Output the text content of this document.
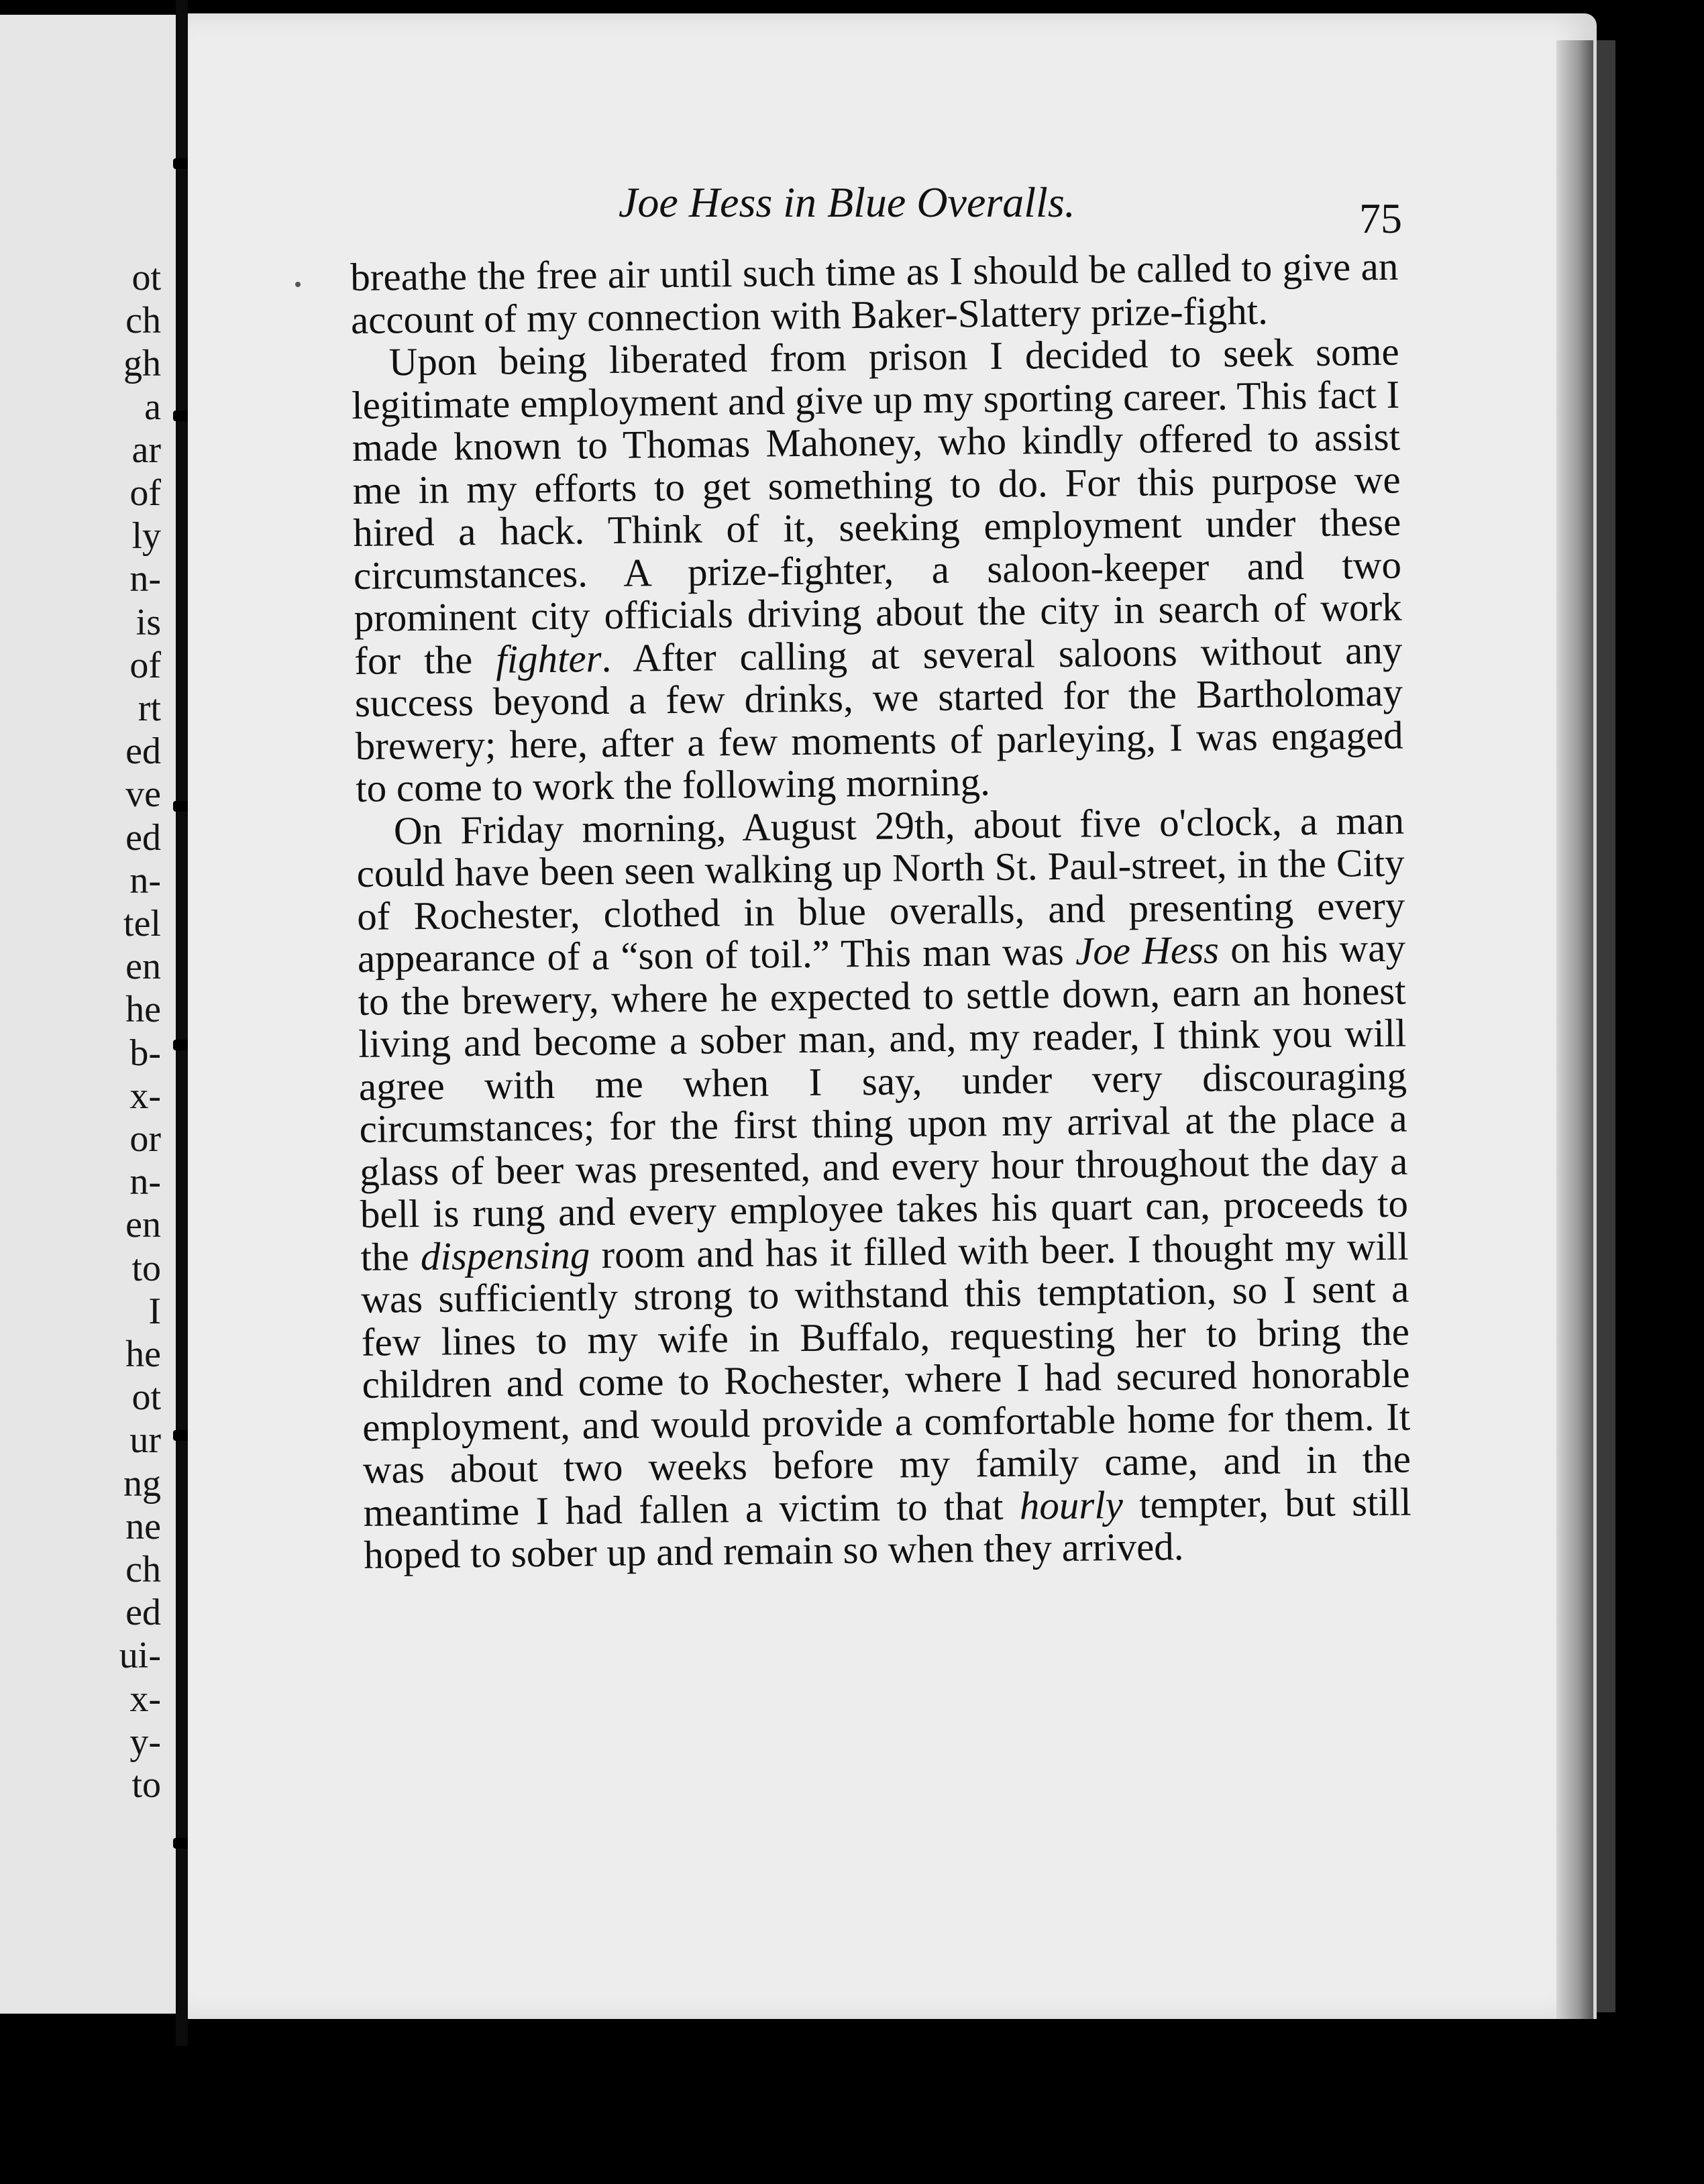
ot
ch
gh
a
ar
of
ly
n-
is
of
rt
ed
ve
ed
n-
tel
en
he
b-
x-
or
n-
en
to
I
he
ot
ur
ng
ne
ch
ed
ui-
x-
y-
to
Joe Hess in Blue Overalls.	75

breathe the free air until such time as I should be called to give an account of my connection with Baker-Slattery prize-fight.

Upon being liberated from prison I decided to seek some legitimate employment and give up my sporting career. This fact I made known to Thomas Mahoney, who kindly offered to assist me in my efforts to get something to do. For this purpose we hired a hack. Think of it, seeking employment under these circumstances. A prize-fighter, a saloon-keeper and two prominent city officials driving about the city in search of work for the fighter. After calling at several saloons without any success beyond a few drinks, we started for the Bartholomay brewery; here, after a few moments of parleying, I was engaged to come to work the following morning.

On Friday morning, August 29th, about five o'clock, a man could have been seen walking up North St. Paul-street, in the City of Rochester, clothed in blue overalls, and presenting every appearance of a “son of toil.” This man was Joe Hess on his way to the brewery, where he expected to settle down, earn an honest living and become a sober man, and, my reader, I think you will agree with me when I say, under very discouraging circumstances; for the first thing upon my arrival at the place a glass of beer was presented, and every hour throughout the day a bell is rung and every employee takes his quart can, proceeds to the dispensing room and has it filled with beer. I thought my will was sufficiently strong to withstand this temptation, so I sent a few lines to my wife in Buffalo, requesting her to bring the children and come to Rochester, where I had secured honorable employment, and would provide a comfortable home for them. It was about two weeks before my family came, and in the meantime I had fallen a victim to that hourly tempter, but still hoped to sober up and remain so when they arrived.
